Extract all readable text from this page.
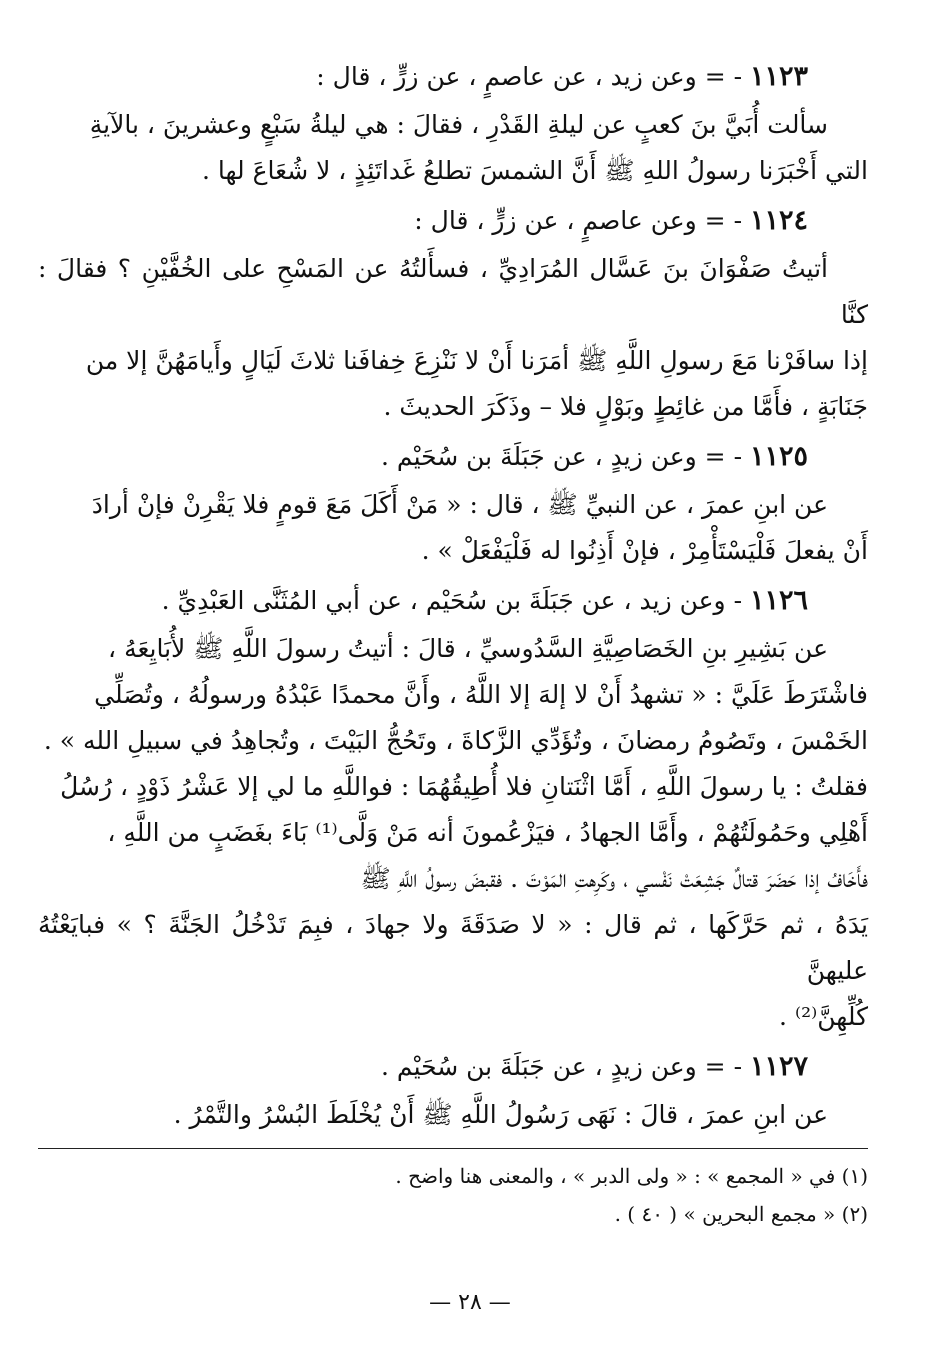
١١٢٣ - = وعن زيد ، عن عاصمٍ ، عن زرٍّ ، قال :

سألت أُبَيَّ بنَ كعبٍ عن ليلةِ القَدْرِ ، فقالَ : هي ليلةُ سَبْعٍ وعشرينَ ، بالآيةِ

التي أَخْبَرَنا رسولُ اللهِ ﷺ أَنَّ الشمسَ تطلعُ غَداتَئِذٍ ، لا شُعَاعَ لها .

١١٢٤ - = وعن عاصمٍ ، عن زرٍّ ، قال :

أتيتُ صَفْوَانَ بنَ عَسَّال المُرَادِيِّ ، فسأَلتُهُ عن المَسْحِ على الخُفَّيْنِ ؟ فقالَ : كنَّا

إذا سافَرْنا مَعَ رسولِ اللَّهِ ﷺ أمَرَنا أَنْ لا نَنْزِعَ خِفافَنا ثلاثَ لَيَالٍ وأَيامَهُنَّ إلا من

جَنَابَةٍ ، فأَمَّا من غائِطٍ وبَوْلٍ فلا – وذَكَرَ الحديثَ .

١١٢٥ - = وعن زيدٍ ، عن جَبَلَةَ بن سُحَيْم .

عن ابنِ عمرَ ، عن النبيِّ ﷺ ، قال : « مَنْ أَكَلَ مَعَ قومٍ فلا يَقْرِنْ فإنْ أرادَ

أَنْ يفعلَ فَلْيَسْتَأْمِرْ ، فإنْ أَذِنُوا له فَلْيَفْعَلْ » .

١١٢٦ - وعن زيد ، عن جَبَلَةَ بن سُحَيْم ، عن أبي المُثَنَّى العَبْدِيِّ .

عن بَشِيرِ بنِ الخَصَاصِيَّةِ السَّدُوسيِّ ، قالَ : أتيتُ رسولَ اللَّهِ ﷺ لأُبَايِعَهُ ،

فاشْتَرَطَ عَلَيَّ : « تشهدُ أَنْ لا إلهَ إلا اللَّهُ ، وأَنَّ محمدًا عَبْدُهُ ورسولُهُ ، وتُصَلِّي

الخَمْسَ ، وتَصُومُ رمضانَ ، وتُؤَدِّي الزَّكاةَ ، وتَحُجُّ البَيْتَ ، وتُجاهِدُ في سبيلِ الله » .

فقلتُ : يا رسولَ اللَّهِ ، أَمَّا اثْنَتانِ فلا أُطِيقُهُمَا : فواللَّهِ ما لي إلا عَشْرُ ذَوْدٍ ، رُسُلُ

أَهْلِي وحَمُولَتُهُمْ ، وأَمَّا الجهادُ ، فيَزْعُمونَ أنه مَنْ وَلَّى⁽¹⁾ بَاءَ بغَضَبٍ من اللَّهِ ،

فأَخَافُ إذا حَضَرَ قتالٌ جَشِعَتْ نَفْسي ، وكَرِهتِ المَوْتَ . فقبضَ رسولُ اللَّهِ ﷺ

يَدَهُ ، ثم حَرَّكَها ، ثم قال : « لا صَدَقَةَ ولا جهادَ ، فبِمَ تَدْخُلُ الجَنَّةَ ؟ » فبايَعْتُهُ عليهنَّ

كُلِّهِنَّ⁽²⁾ .

١١٢٧ - = وعن زيدٍ ، عن جَبَلَةَ بن سُحَيْم .

عن ابنِ عمرَ ، قالَ : نَهَى رَسُولُ اللَّهِ ﷺ أَنْ يُخْلَطَ البُسْرُ والتَّمْرُ .

(١) في « المجمع » : « ولى الدبر » ، والمعنى هنا واضح .
(٢) « مجمع البحرين » ( ٤٠ ) .
— ٢٨ —
